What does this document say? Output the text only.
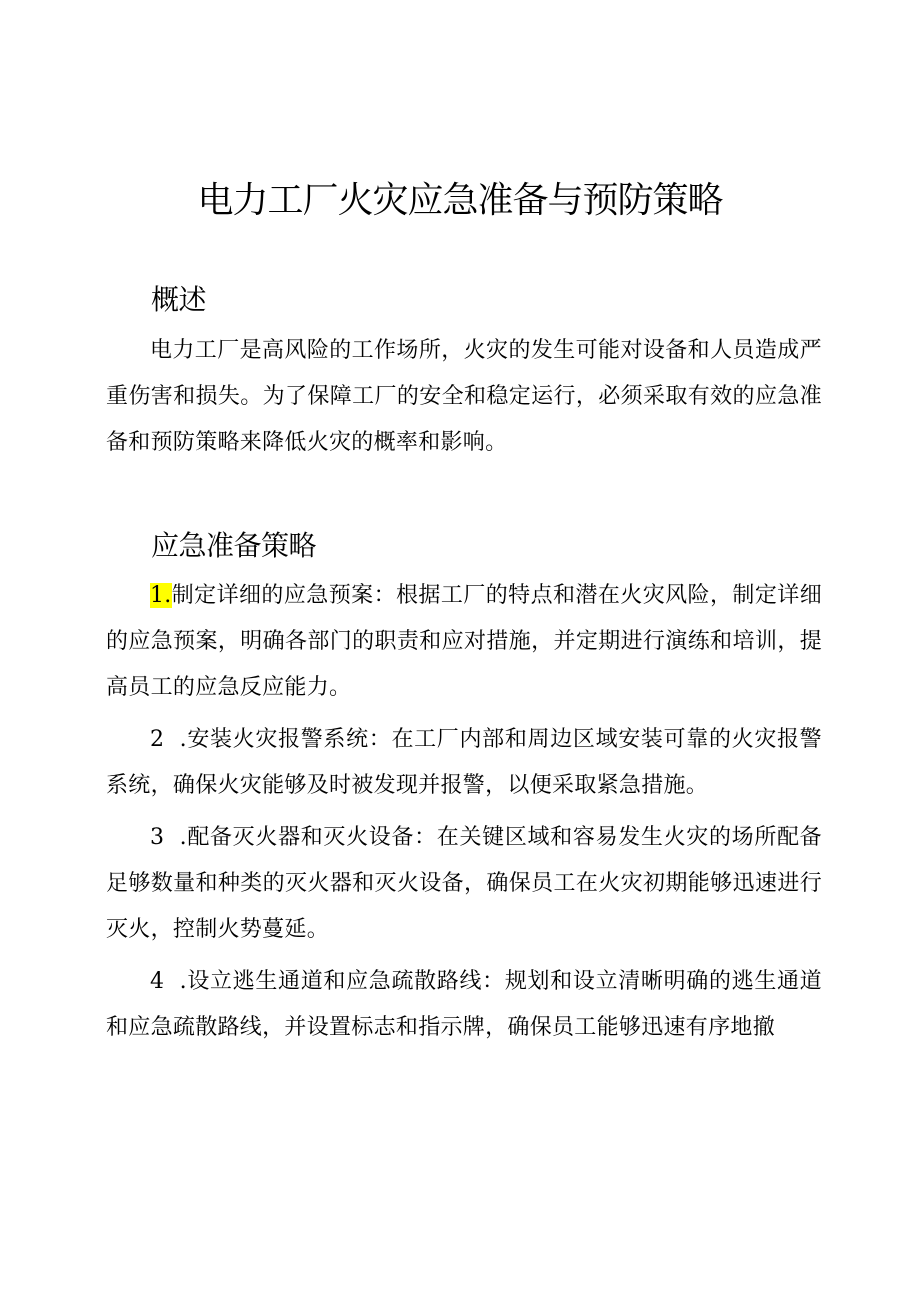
电力工厂火灾应急准备与预防策略
概述

电力工厂是高风险的工作场所，火灾的发生可能对设备和人员造成严重伤害和损失。为了保障工厂的安全和稳定运行，必须采取有效的应急准备和预防策略来降低火灾的概率和影响。

应急准备策略

1.制定详细的应急预案：根据工厂的特点和潜在火灾风险，制定详细的应急预案，明确各部门的职责和应对措施，并定期进行演练和培训，提高员工的应急反应能力。

2  .安装火灾报警系统：在工厂内部和周边区域安装可靠的火灾报警系统，确保火灾能够及时被发现并报警，以便采取紧急措施。

3  .配备灭火器和灭火设备：在关键区域和容易发生火灾的场所配备足够数量和种类的灭火器和灭火设备，确保员工在火灾初期能够迅速进行灭火，控制火势蔓延。

4  .设立逃生通道和应急疏散路线：规划和设立清晰明确的逃生通道和应急疏散路线，并设置标志和指示牌，确保员工能够迅速有序地撤
